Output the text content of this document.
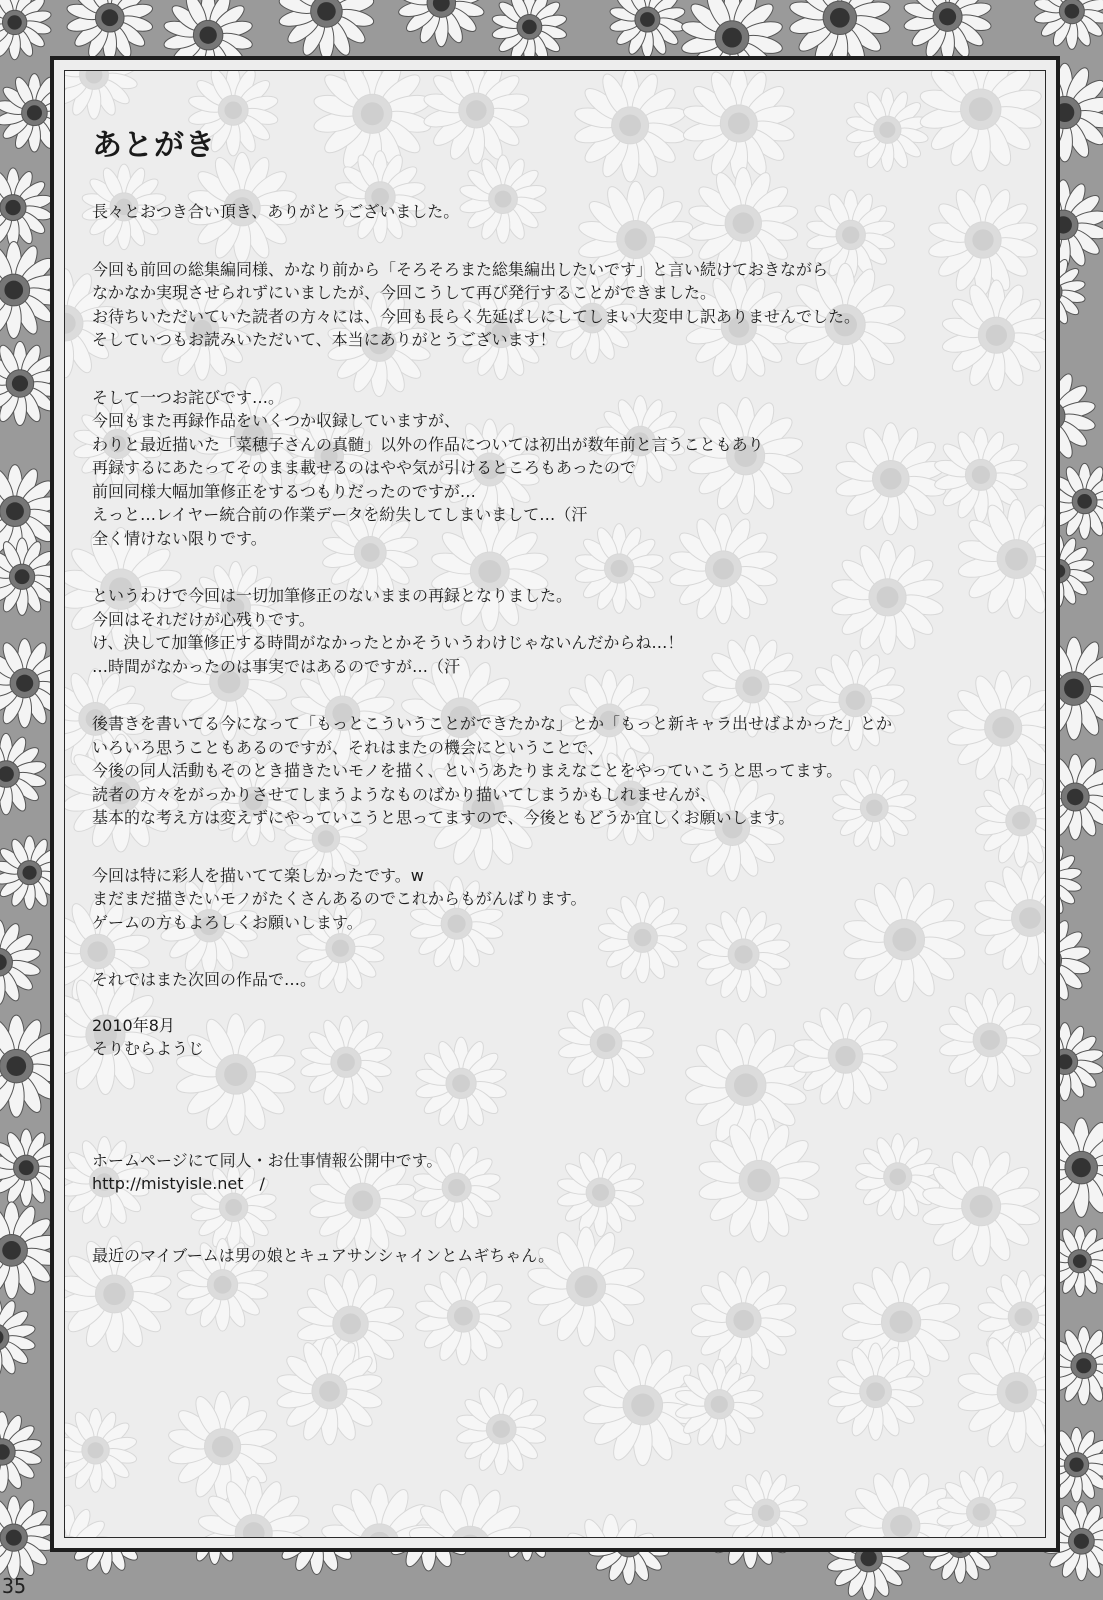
あとがき
長々とおつき合い頂き、ありがとうございました。
今回も前回の総集編同様、かなり前から「そろそろまた総集編出したいです」と言い続けておきながら
なかなか実現させられずにいましたが、今回こうして再び発行することができました。
お待ちいただいていた読者の方々には、今回も長らく先延ばしにしてしまい大変申し訳ありませんでした。
そしていつもお読みいただいて、本当にありがとうございます！
そして一つお詫びです…。
今回もまた再録作品をいくつか収録していますが、
わりと最近描いた「菜穂子さんの真髄」以外の作品については初出が数年前と言うこともあり
再録するにあたってそのまま載せるのはやや気が引けるところもあったので
前回同様大幅加筆修正をするつもりだったのですが…
えっと…レイヤー統合前の作業データを紛失してしまいまして…（汗
全く情けない限りです。
というわけで今回は一切加筆修正のないままの再録となりました。
今回はそれだけが心残りです。
け、決して加筆修正する時間がなかったとかそういうわけじゃないんだからね…！
…時間がなかったのは事実ではあるのですが…（汗
後書きを書いてる今になって「もっとこういうことができたかな」とか「もっと新キャラ出せばよかった」とか
いろいろ思うこともあるのですが、それはまたの機会にということで、
今後の同人活動もそのとき描きたいモノを描く、というあたりまえなことをやっていこうと思ってます。
読者の方々をがっかりさせてしまうようなものばかり描いてしまうかもしれませんが、
基本的な考え方は変えずにやっていこうと思ってますので、今後ともどうか宜しくお願いします。
今回は特に彩人を描いてて楽しかったです。w
まだまだ描きたいモノがたくさんあるのでこれからもがんばります。
ゲームの方もよろしくお願いします。
それではまた次回の作品で…。
2010年8月
そりむらようじ
ホームページにて同人・お仕事情報公開中です。
http://mistyisle.net　/
最近のマイブームは男の娘とキュアサンシャインとムギちゃん。
35
